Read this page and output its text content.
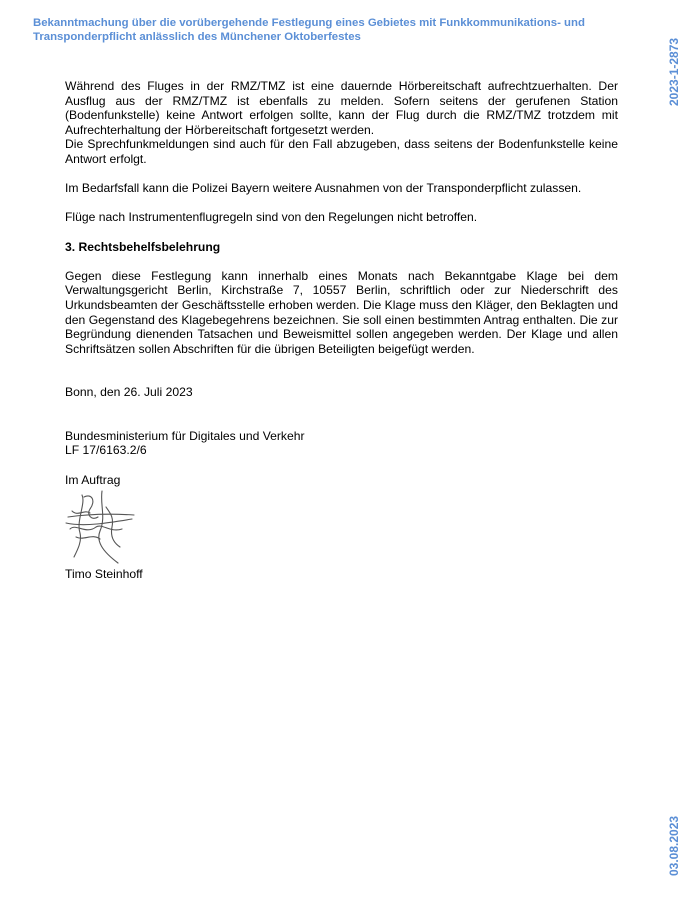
Bekanntmachung über die vorübergehende Festlegung eines Gebietes mit Funkkommunikations- und
Transponderpflicht anlässlich des Münchener Oktoberfestes
2023-1-2873
03.08.2023

Während des Fluges in der RMZ/TMZ ist eine dauernde Hörbereitschaft aufrechtzuerhalten. Der Ausflug aus der RMZ/TMZ ist ebenfalls zu melden. Sofern seitens der gerufenen Station (Bodenfunkstelle) keine Antwort erfolgen sollte, kann der Flug durch die RMZ/TMZ trotzdem mit Aufrechterhaltung der Hörbereitschaft fortgesetzt werden.

Die Sprechfunkmeldungen sind auch für den Fall abzugeben, dass seitens der Bodenfunkstelle keine Antwort erfolgt.

Im Bedarfsfall kann die Polizei Bayern weitere Ausnahmen von der Transponderpflicht zulassen.

Flüge nach Instrumentenflugregeln sind von den Regelungen nicht betroffen.

3. Rechtsbehelfsbelehrung

Gegen diese Festlegung kann innerhalb eines Monats nach Bekanntgabe Klage bei dem Verwaltungsgericht Berlin, Kirchstraße 7, 10557 Berlin, schriftlich oder zur Niederschrift des Urkundsbeamten der Geschäftsstelle erhoben werden. Die Klage muss den Kläger, den Beklagten und den Gegenstand des Klagebegehrens bezeichnen. Sie soll einen bestimmten Antrag enthalten. Die zur Begründung dienenden Tatsachen und Beweismittel sollen angegeben werden. Der Klage und allen Schriftsätzen sollen Abschriften für die übrigen Beteiligten beigefügt werden.

Bonn, den 26. Juli 2023

Bundesministerium für Digitales und Verkehr

LF 17/6163.2/6

Im Auftrag

Timo Steinhoff
